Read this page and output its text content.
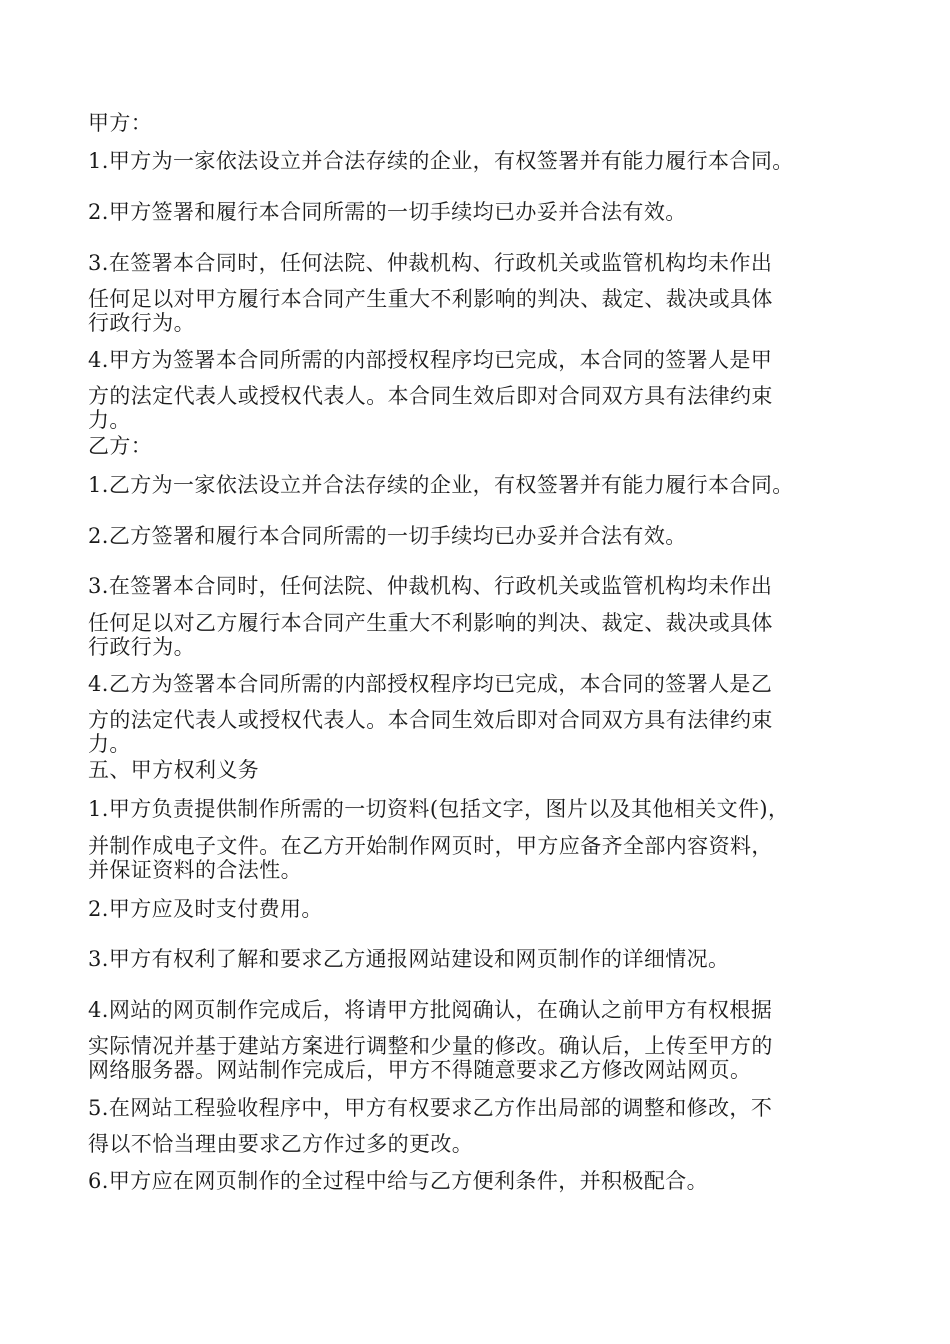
甲方：
1.甲方为一家依法设立并合法存续的企业，有权签署并有能力履行本合同。
2.甲方签署和履行本合同所需的一切手续均已办妥并合法有效。
3.在签署本合同时，任何法院、仲裁机构、行政机关或监管机构均未作出
任何足以对甲方履行本合同产生重大不利影响的判决、裁定、裁决或具体
行政行为。
4.甲方为签署本合同所需的内部授权程序均已完成，本合同的签署人是甲
方的法定代表人或授权代表人。本合同生效后即对合同双方具有法律约束
力。
乙方：
1.乙方为一家依法设立并合法存续的企业，有权签署并有能力履行本合同。
2.乙方签署和履行本合同所需的一切手续均已办妥并合法有效。
3.在签署本合同时，任何法院、仲裁机构、行政机关或监管机构均未作出
任何足以对乙方履行本合同产生重大不利影响的判决、裁定、裁决或具体
行政行为。
4.乙方为签署本合同所需的内部授权程序均已完成，本合同的签署人是乙
方的法定代表人或授权代表人。本合同生效后即对合同双方具有法律约束
力。
五、甲方权利义务
1.甲方负责提供制作所需的一切资料(包括文字，图片以及其他相关文件)，
并制作成电子文件。在乙方开始制作网页时，甲方应备齐全部内容资料，
并保证资料的合法性。
2.甲方应及时支付费用。
3.甲方有权利了解和要求乙方通报网站建设和网页制作的详细情况。
4.网站的网页制作完成后，将请甲方批阅确认，在确认之前甲方有权根据
实际情况并基于建站方案进行调整和少量的修改。确认后，上传至甲方的
网络服务器。网站制作完成后，甲方不得随意要求乙方修改网站网页。
5.在网站工程验收程序中，甲方有权要求乙方作出局部的调整和修改，不
得以不恰当理由要求乙方作过多的更改。
6.甲方应在网页制作的全过程中给与乙方便利条件，并积极配合。
